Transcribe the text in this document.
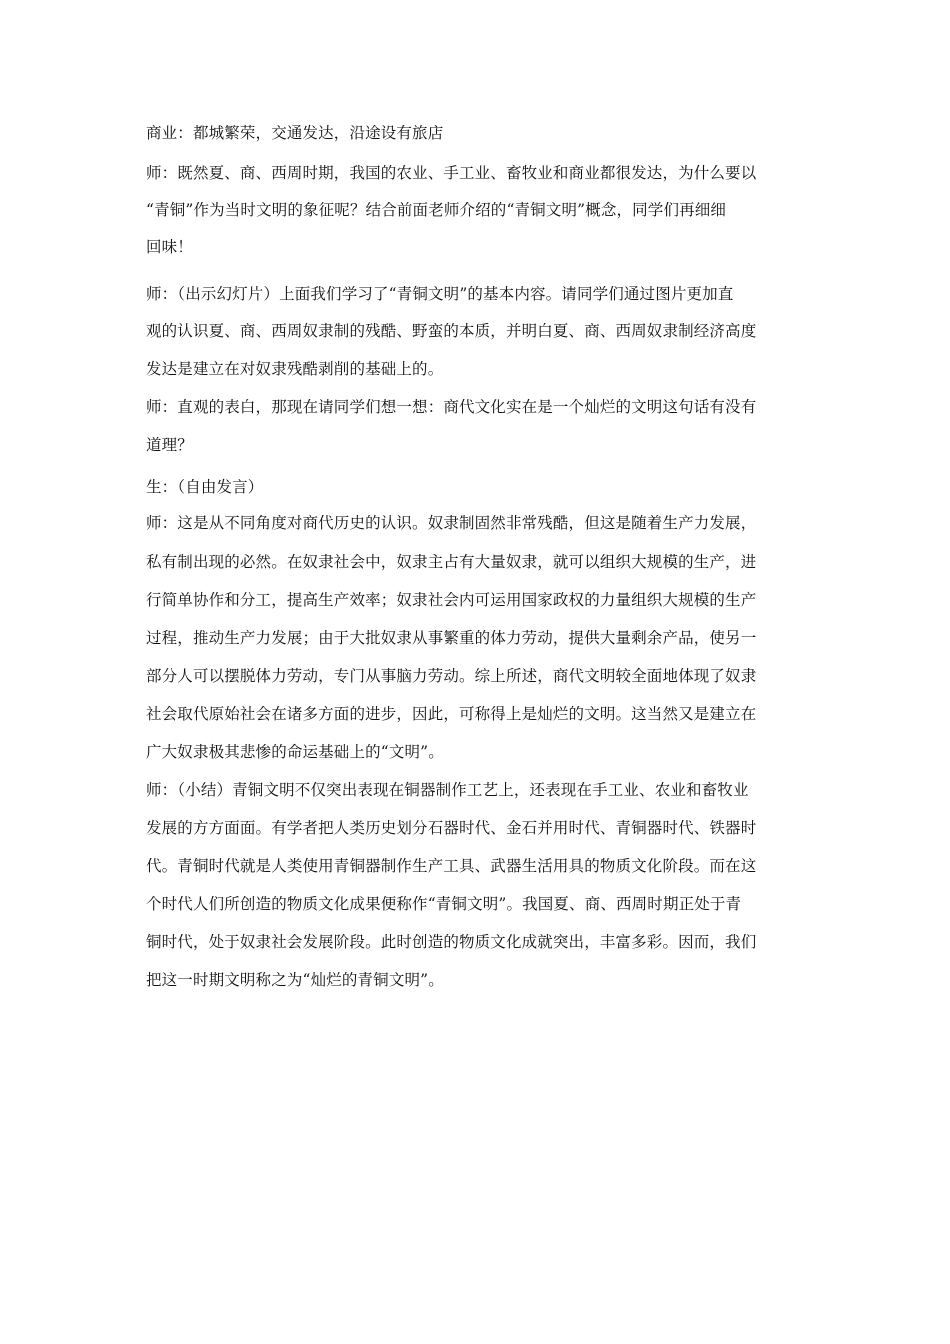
商业：都城繁荣，交通发达，沿途设有旅店
师：既然夏、商、西周时期，我国的农业、手工业、畜牧业和商业都很发达，为什么要以
“青铜”作为当时文明的象征呢？结合前面老师介绍的“青铜文明”概念，同学们再细细
回味！
师：（出示幻灯片）上面我们学习了“青铜文明”的基本内容。请同学们通过图片更加直
观的认识夏、商、西周奴隶制的残酷、野蛮的本质，并明白夏、商、西周奴隶制经济高度
发达是建立在对奴隶残酷剥削的基础上的。
师：直观的表白，那现在请同学们想一想：商代文化实在是一个灿烂的文明这句话有没有
道理？
生：（自由发言）
师：这是从不同角度对商代历史的认识。奴隶制固然非常残酷，但这是随着生产力发展，
私有制出现的必然。在奴隶社会中，奴隶主占有大量奴隶，就可以组织大规模的生产，进
行简单协作和分工，提高生产效率；奴隶社会内可运用国家政权的力量组织大规模的生产
过程，推动生产力发展；由于大批奴隶从事繁重的体力劳动，提供大量剩余产品，使另一
部分人可以摆脱体力劳动，专门从事脑力劳动。综上所述，商代文明较全面地体现了奴隶
社会取代原始社会在诸多方面的进步，因此，可称得上是灿烂的文明。这当然又是建立在
广大奴隶极其悲惨的命运基础上的“文明”。
师：（小结）青铜文明不仅突出表现在铜器制作工艺上，还表现在手工业、农业和畜牧业
发展的方方面面。有学者把人类历史划分石器时代、金石并用时代、青铜器时代、铁器时
代。青铜时代就是人类使用青铜器制作生产工具、武器生活用具的物质文化阶段。而在这
个时代人们所创造的物质文化成果便称作“青铜文明”。我国夏、商、西周时期正处于青
铜时代，处于奴隶社会发展阶段。此时创造的物质文化成就突出，丰富多彩。因而，我们
把这一时期文明称之为“灿烂的青铜文明”。
